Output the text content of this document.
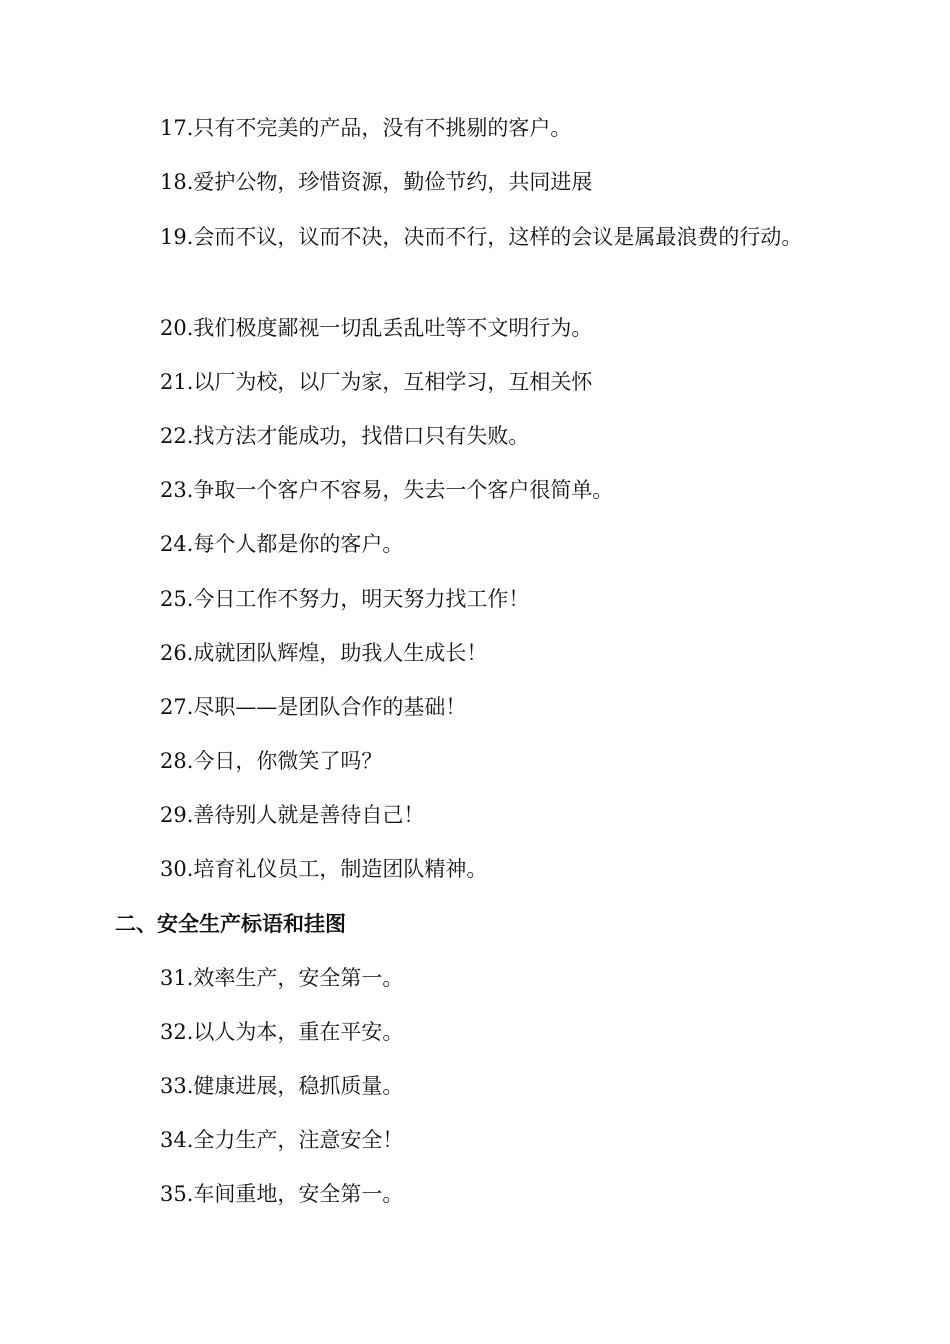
17.只有不完美的产品，没有不挑剔的客户。
18.爱护公物，珍惜资源，勤俭节约，共同进展
19.会而不议，议而不决，决而不行，这样的会议是属最浪费的行动。
20.我们极度鄙视一切乱丢乱吐等不文明行为。
21.以厂为校，以厂为家，互相学习，互相关怀
22.找方法才能成功，找借口只有失败。
23.争取一个客户不容易，失去一个客户很简单。
24.每个人都是你的客户。
25.今日工作不努力，明天努力找工作！
26.成就团队辉煌，助我人生成长！
27.尽职——是团队合作的基础！
28.今日，你微笑了吗？
29.善待别人就是善待自己！
30.培育礼仪员工，制造团队精神。
二、安全生产标语和挂图
31.效率生产，安全第一。
32.以人为本，重在平安。
33.健康进展，稳抓质量。
34.全力生产，注意安全！
35.车间重地，安全第一。
